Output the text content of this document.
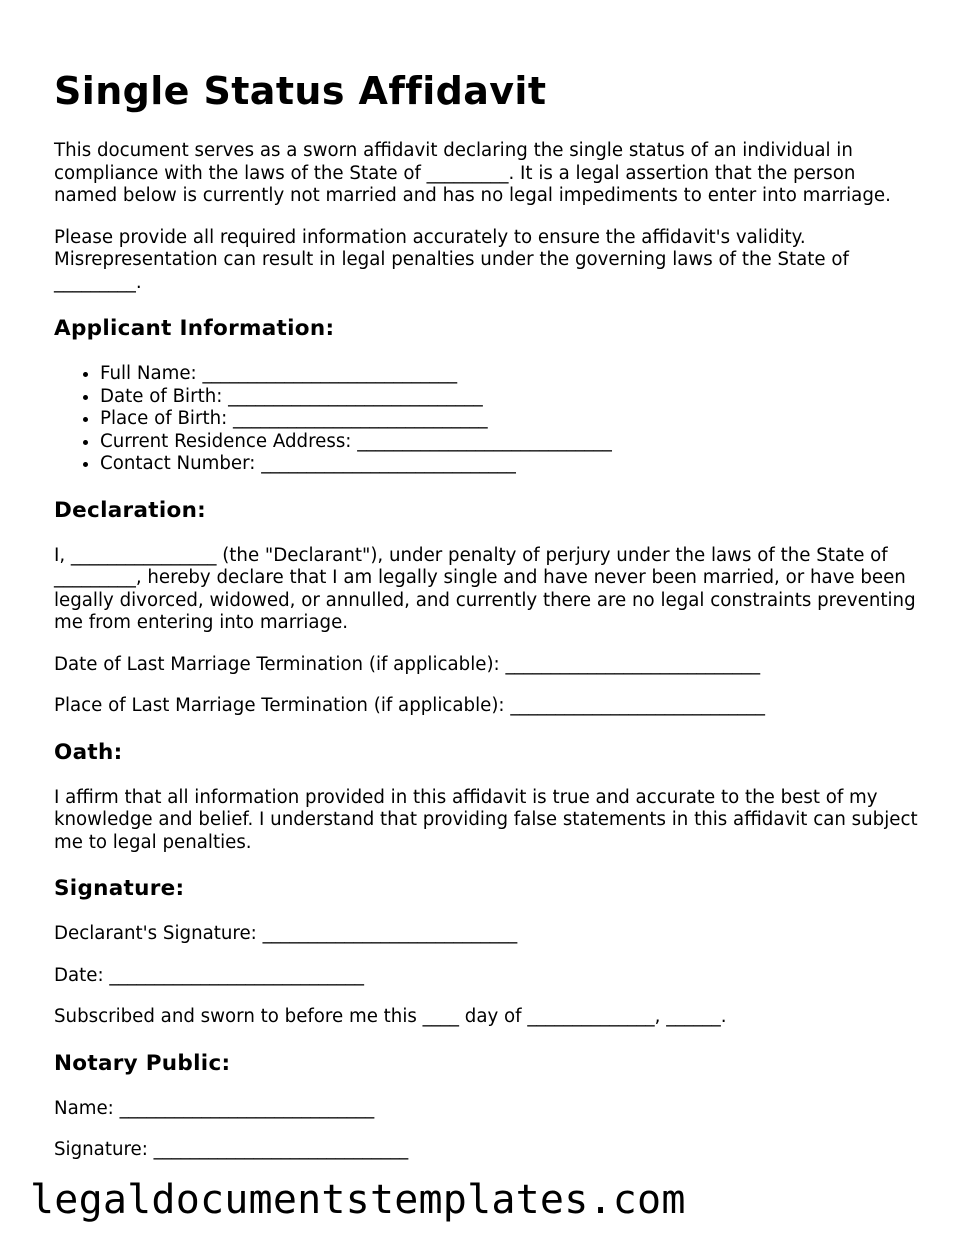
Single Status Affidavit

This document serves as a sworn affidavit declaring the single status of an individual in compliance with the laws of the State of _________. It is a legal assertion that the person named below is currently not married and has no legal impediments to enter into marriage.

Please provide all required information accurately to ensure the affidavit's validity. Misrepresentation can result in legal penalties under the governing laws of the State of _________.

Applicant Information:
• Full Name: ____________________________
• Date of Birth: ____________________________
• Place of Birth: ____________________________
• Current Residence Address: ____________________________
• Contact Number: ____________________________
Declaration:

I, ________________ (the "Declarant"), under penalty of perjury under the laws of the State of _________, hereby declare that I am legally single and have never been married, or have been legally divorced, widowed, or annulled, and currently there are no legal constraints preventing me from entering into marriage.

Date of Last Marriage Termination (if applicable): ____________________________

Place of Last Marriage Termination (if applicable): ____________________________

Oath:

I affirm that all information provided in this affidavit is true and accurate to the best of my knowledge and belief. I understand that providing false statements in this affidavit can subject me to legal penalties.

Signature:

Declarant's Signature: ____________________________

Date: ____________________________

Subscribed and sworn to before me this ____ day of ______________, ______.

Notary Public:

Name: ____________________________

Signature: ____________________________

legaldocumentstemplates.com
